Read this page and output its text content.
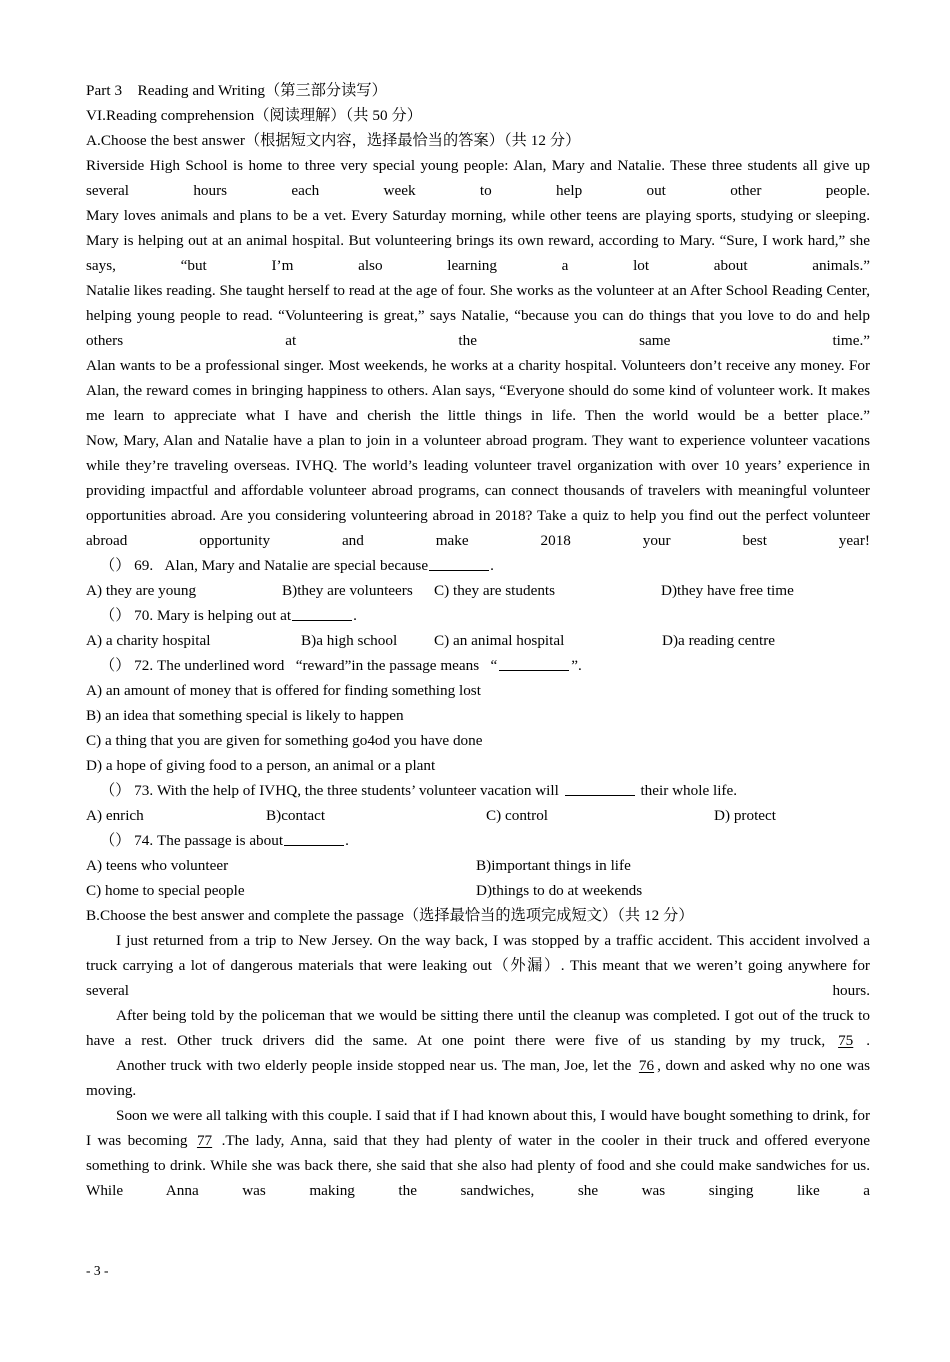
Part 3    Reading and Writing（第三部分读写）
VI.Reading comprehension（阅读理解）（共 50 分）
A.Choose the best answer（根据短文内容，选择最恰当的答案）（共 12 分）

Riverside High School is home to three very special young people: Alan, Mary and Natalie. These three students all give up several hours each week to help out other people.

Mary loves animals and plans to be a vet. Every Saturday morning, while other teens are playing sports, studying or sleeping. Mary is helping out at an animal hospital. But volunteering brings its own reward, according to Mary. “Sure, I work hard,” she says, “but I’m also learning a lot about animals.”

Natalie likes reading. She taught herself to read at the age of four. She works as the volunteer at an After School Reading Center, helping young people to read. “Volunteering is great,” says Natalie, “because you can do things that you love to do and help others at the same time.”

Alan wants to be a professional singer. Most weekends, he works at a charity hospital. Volunteers don’t receive any money. For Alan, the reward comes in bringing happiness to others. Alan says, “Everyone should do some kind of volunteer work. It makes me learn to appreciate what I have and cherish the little things in life. Then the world would be a better place.”

Now, Mary, Alan and Natalie have a plan to join in a volunteer abroad program. They want to experience volunteer vacations while they’re traveling overseas. IVHQ. The world’s leading volunteer travel organization with over 10 years’ experience in providing impactful and affordable volunteer abroad programs, can connect thousands of travelers with meaningful volunteer opportunities abroad. Are you considering volunteering abroad in 2018? Take a quiz to help you find out the perfect volunteer abroad opportunity and make 2018 your best year!

（） 69. Alan, Mary and Natalie are special because	.
A) they are young	B)they are volunteers C) they are students	D)they have free time
（） 70. Mary is helping out at	.
A) a charity hospital	B)a high school C) an animal hospital	D)a reading centre
（） 72. The underlined word   “reward”in the passage means   “	”.
A) an amount of money that is offered for finding something lost
B) an idea that something special is likely to happen
C) a thing that you are given for something go4od you have done
D) a hope of giving food to a person, an animal or a plant
（） 73. With the help of IVHQ, the three students’ volunteer vacation will	their whole life.
A) enrich	B)contact	C) control	D) protect
（） 74. The passage is about	.
A) teens who volunteer	B)important things in life
C) home to special people	D)things to do at weekends
B.Choose the best answer and complete the passage（选择最恰当的选项完成短文）（共 12 分）

I just returned from a trip to New Jersey. On the way back, I was stopped by a traffic accident. This accident involved a truck carrying a lot of dangerous materials that were leaking out（外漏）. This meant that we weren’t going anywhere for several hours.

After being told by the policeman that we would be sitting there until the cleanup was completed. I got out of the truck to have a rest. Other truck drivers did the same. At one point there were five of us standing by my truck, 75 .

Another truck with two elderly people inside stopped near us. The man, Joe, let the 76 , down and asked why no one was moving.

Soon we were all talking with this couple. I said that if I had known about this, I would have bought something to drink, for I was becoming 77 .The lady, Anna, said that they had plenty of water in the cooler in their truck and offered everyone something to drink. While she was back there, she said that she also had plenty of food and she could make sandwiches for us. While Anna was making the sandwiches, she was singing like a

- 3 -
